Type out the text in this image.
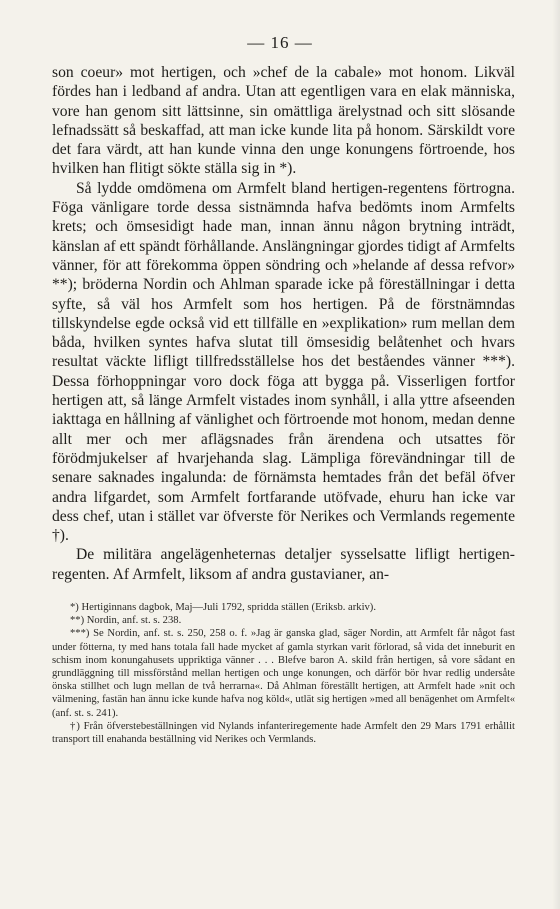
— 16 —

son coeur» mot hertigen, och »chef de la cabale» mot honom. Likväl fördes han i ledband af andra. Utan att egentligen vara en elak människa, vore han genom sitt lättsinne, sin omättliga ärelystnad och sitt slösande lefnadssätt så beskaffad, att man icke kunde lita på honom. Särskildt vore det fara värdt, att han kunde vinna den unge konungens förtroende, hos hvilken han flitigt sökte ställa sig in *).

Så lydde omdömena om Armfelt bland hertigen-regentens förtrogna. Föga vänligare torde dessa sistnämnda hafva bedömts inom Armfelts krets; och ömsesidigt hade man, innan ännu någon brytning inträdt, känslan af ett spändt förhållande. Anslängningar gjordes tidigt af Armfelts vänner, för att förekomma öppen söndring och »helande af dessa refvor» **); bröderna Nordin och Ahlman sparade icke på föreställningar i detta syfte, så väl hos Armfelt som hos hertigen. På de förstnämndas tillskyndelse egde också vid ett tillfälle en »explikation» rum mellan dem båda, hvilken syntes hafva slutat till ömsesidig belåtenhet och hvars resultat väckte lifligt tillfredsställelse hos det beståendes vänner ***). Dessa förhoppningar voro dock föga att bygga på. Visserligen fortfor hertigen att, så länge Armfelt vistades inom synhåll, i alla yttre afseenden iakttaga en hållning af vänlighet och förtroende mot honom, medan denne allt mer och mer aflägsnades från ärendena och utsattes för förödmjukelser af hvarjehanda slag. Lämpliga förevändningar till de senare saknades ingalunda: de förnämsta hemtades från det befäl öfver andra lifgardet, som Armfelt fortfarande utöfvade, ehuru han icke var dess chef, utan i stället var öfverste för Nerikes och Vermlands regemente †).

De militära angelägenheternas detaljer sysselsatte lifligt hertigen-regenten. Af Armfelt, liksom af andra gustavianer, an-

*) Hertiginnans dagbok, Maj—Juli 1792, spridda ställen (Eriksb. arkiv).

**) Nordin, anf. st. s. 238.

***) Se Nordin, anf. st. s. 250, 258 o. f. »Jag är ganska glad, säger Nordin, att Armfelt får något fast under fötterna, ty med hans totala fall hade mycket af gamla styrkan varit förlorad, så vida det inneburit en schism inom konungahusets uppriktiga vänner . . . Blefve baron A. skild från hertigen, så vore sådant en grundläggning till missförstånd mellan hertigen och unge konungen, och därför bör hvar redlig undersåte önska stillhet och lugn mellan de två herrarna«. Då Ahlman föreställt hertigen, att Armfelt hade »nit och välmening, fastän han ännu icke kunde hafva nog köld«, utlät sig hertigen »med all benägenhet om Armfelt« (anf. st. s. 241).

†) Från öfverstebeställningen vid Nylands infanteriregemente hade Armfelt den 29 Mars 1791 erhållit transport till enahanda beställning vid Nerikes och Vermlands.
